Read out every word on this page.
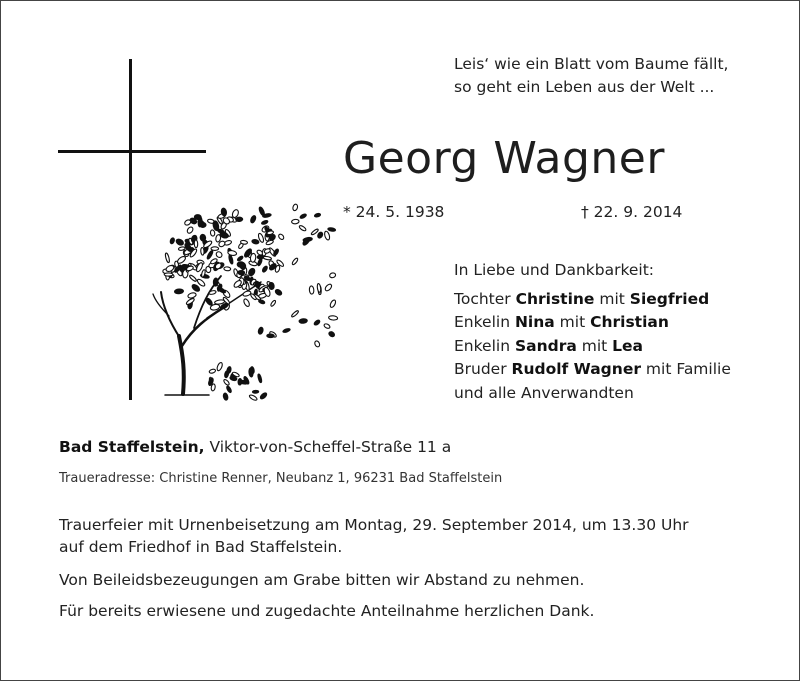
Leis‘ wie ein Blatt vom Baume fällt,
so geht ein Leben aus der Welt ...
Georg Wagner
* 24. 5. 1938	† 22. 9. 2014
In Liebe und Dankbarkeit:
Tochter Christine mit Siegfried
Enkelin Nina mit Christian
Enkelin Sandra mit Lea
Bruder Rudolf Wagner mit Familie
und alle Anverwandten
Bad Staffelstein, Viktor-von-Scheffel-Straße 11 a
Traueradresse: Christine Renner, Neubanz 1, 96231 Bad Staffelstein
Trauerfeier mit Urnenbeisetzung am Montag, 29. September 2014, um 13.30 Uhr
auf dem Friedhof in Bad Staffelstein.
Von Beileidsbezeugungen am Grabe bitten wir Abstand zu nehmen.
Für bereits erwiesene und zugedachte Anteilnahme herzlichen Dank.
